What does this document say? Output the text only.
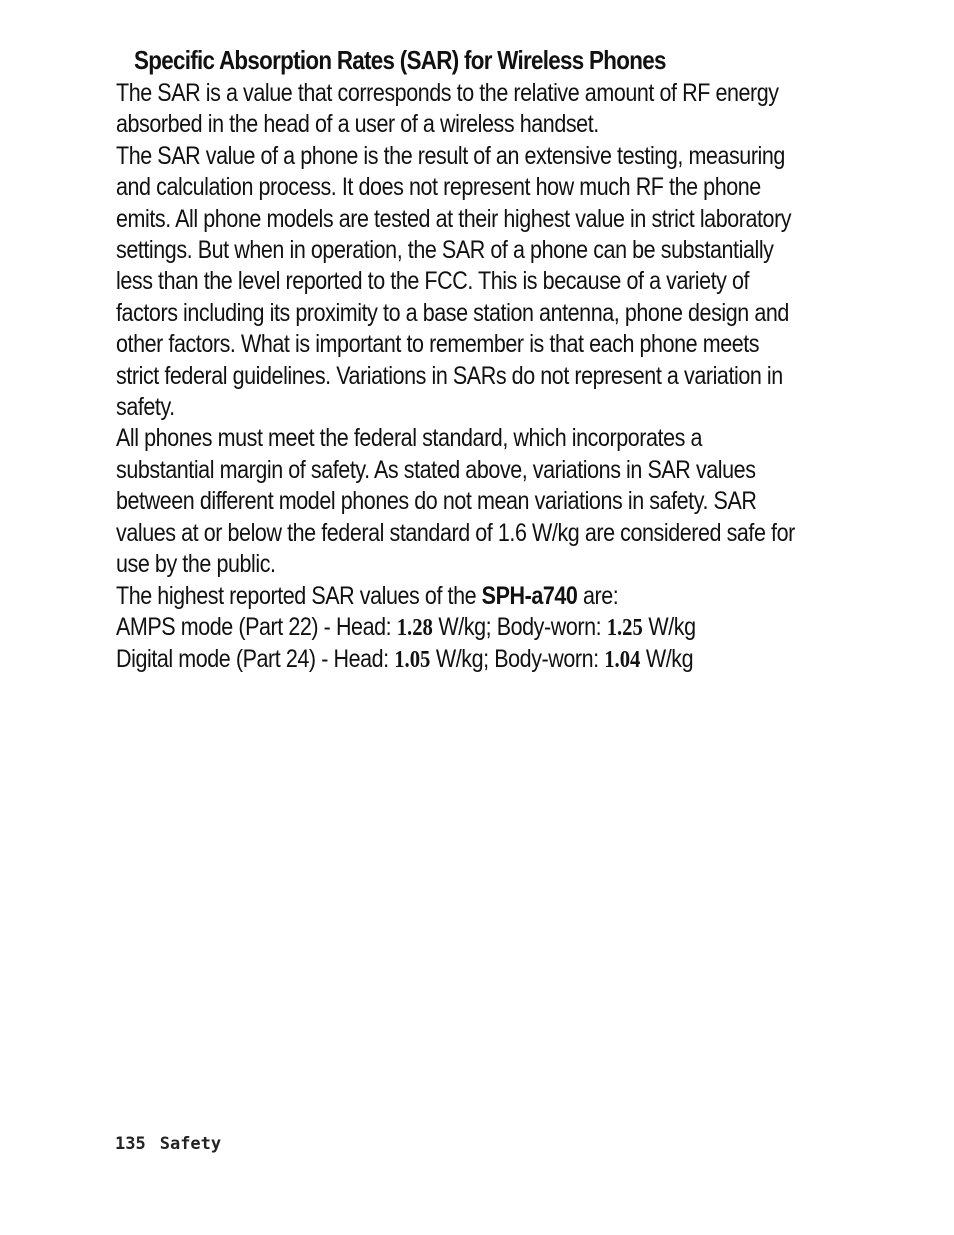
Specific Absorption Rates (SAR) for Wireless Phones

The SAR is a value that corresponds to the relative amount of RF energy absorbed in the head of a user of a wireless handset.

The SAR value of a phone is the result of an extensive testing, measuring and calculation process. It does not represent how much RF the phone emits. All phone models are tested at their highest value in strict laboratory settings. But when in operation, the SAR of a phone can be substantially less than the level reported to the FCC. This is because of a variety of factors including its proximity to a base station antenna, phone design and other factors. What is important to remember is that each phone meets strict federal guidelines. Variations in SARs do not represent a variation in safety.

All phones must meet the federal standard, which incorporates a substantial margin of safety. As stated above, variations in SAR values between different model phones do not mean variations in safety. SAR values at or below the federal standard of 1.6 W/kg are considered safe for use by the public.

The highest reported SAR values of the SPH-a740 are:

AMPS mode (Part 22) - Head: 1.28 W/kg; Body-worn: 1.25 W/kg

Digital mode (Part 24) - Head: 1.05 W/kg; Body-worn: 1.04 W/kg

135 Safety
